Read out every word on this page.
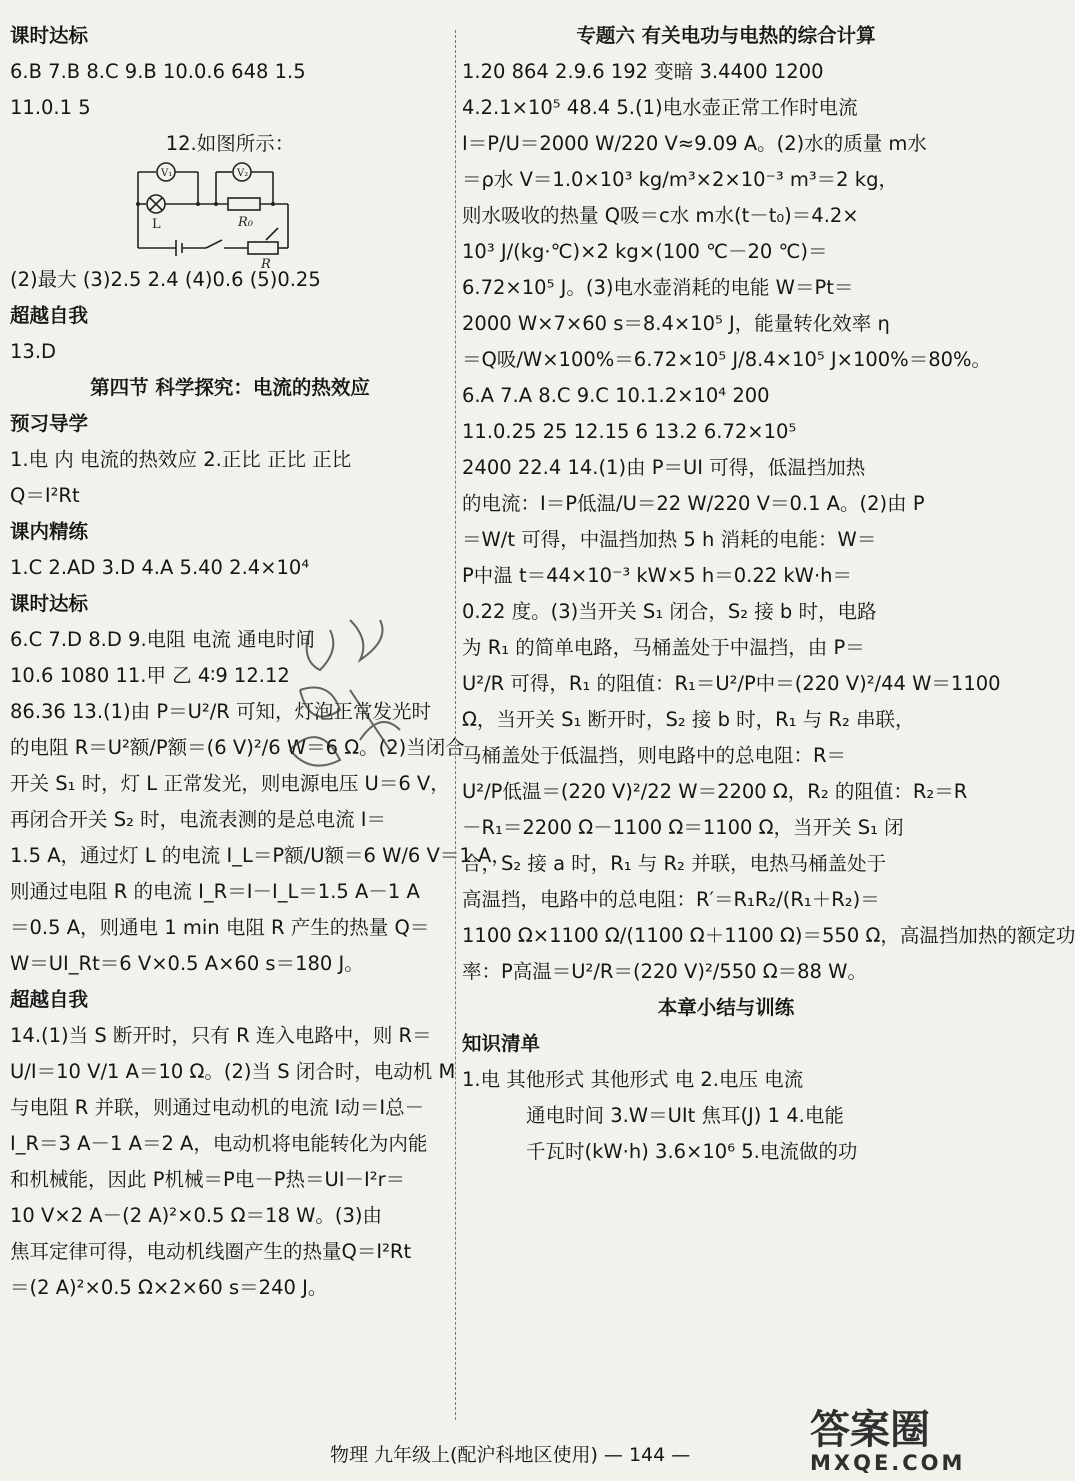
课时达标
6.B 7.B 8.C 9.B 10.0.6 648 1.5
11.0.1 5
12.如图所示：
V₁	V₂
L	R₀
R
(2)最大 (3)2.5 2.4 (4)0.6 (5)0.25
超越自我
13.D
第四节 科学探究：电流的热效应
预习导学
1.电 内 电流的热效应 2.正比 正比 正比
Q＝I²Rt
课内精练
1.C 2.AD 3.D 4.A 5.40 2.4×10⁴
课时达标
6.C 7.D 8.D 9.电阻 电流 通电时间
10.6 1080 11.甲 乙 4∶9 12.12
86.36 13.(1)由 P＝U²/R 可知，灯泡正常发光时
的电阻 R＝U²额/P额＝(6 V)²/6 W＝6 Ω。(2)当闭合
开关 S₁ 时，灯 L 正常发光，则电源电压 U＝6 V，
再闭合开关 S₂ 时，电流表测的是总电流 I＝
1.5 A，通过灯 L 的电流 I_L＝P额/U额＝6 W/6 V＝1 A，
则通过电阻 R 的电流 I_R＝I－I_L＝1.5 A－1 A
＝0.5 A，则通电 1 min 电阻 R 产生的热量 Q＝
W＝UI_Rt＝6 V×0.5 A×60 s＝180 J。
超越自我
14.(1)当 S 断开时，只有 R 连入电路中，则 R＝
U/I＝10 V/1 A＝10 Ω。(2)当 S 闭合时，电动机 M
与电阻 R 并联，则通过电动机的电流 I动＝I总－
I_R＝3 A－1 A＝2 A，电动机将电能转化为内能
和机械能，因此 P机械＝P电－P热＝UI－I²r＝
10 V×2 A－(2 A)²×0.5 Ω＝18 W。(3)由
焦耳定律可得，电动机线圈产生的热量Q＝I²Rt
＝(2 A)²×0.5 Ω×2×60 s＝240 J。
专题六 有关电功与电热的综合计算
1.20 864 2.9.6 192 变暗 3.4400 1200
4.2.1×10⁵ 48.4 5.(1)电水壶正常工作时电流
I＝P/U＝2000 W/220 V≈9.09 A。(2)水的质量 m水
＝ρ水 V＝1.0×10³ kg/m³×2×10⁻³ m³＝2 kg，
则水吸收的热量 Q吸＝c水 m水(t－t₀)＝4.2×
10³ J/(kg·℃)×2 kg×(100 ℃－20 ℃)＝
6.72×10⁵ J。(3)电水壶消耗的电能 W＝Pt＝
2000 W×7×60 s＝8.4×10⁵ J，能量转化效率 η
＝Q吸/W×100%＝6.72×10⁵ J/8.4×10⁵ J×100%＝80%。
6.A 7.A 8.C 9.C 10.1.2×10⁴ 200
11.0.25 25 12.15 6 13.2 6.72×10⁵
2400 22.4 14.(1)由 P＝UI 可得，低温挡加热
的电流：I＝P低温/U＝22 W/220 V＝0.1 A。(2)由 P
＝W/t 可得，中温挡加热 5 h 消耗的电能：W＝
P中温 t＝44×10⁻³ kW×5 h＝0.22 kW·h＝
0.22 度。(3)当开关 S₁ 闭合，S₂ 接 b 时，电路
为 R₁ 的简单电路，马桶盖处于中温挡，由 P＝
U²/R 可得，R₁ 的阻值：R₁＝U²/P中＝(220 V)²/44 W＝1100
Ω，当开关 S₁ 断开时，S₂ 接 b 时，R₁ 与 R₂ 串联，
马桶盖处于低温挡，则电路中的总电阻：R＝
U²/P低温＝(220 V)²/22 W＝2200 Ω，R₂ 的阻值：R₂＝R
－R₁＝2200 Ω－1100 Ω＝1100 Ω，当开关 S₁ 闭
合，S₂ 接 a 时，R₁ 与 R₂ 并联，电热马桶盖处于
高温挡，电路中的总电阻：R′＝R₁R₂/(R₁＋R₂)＝
1100 Ω×1100 Ω/(1100 Ω＋1100 Ω)＝550 Ω，高温挡加热的额定功
率：P高温＝U²/R＝(220 V)²/550 Ω＝88 W。
本章小结与训练
知识清单
1.电 其他形式 其他形式 电 2.电压 电流
通电时间 3.W＝UIt 焦耳(J) 1 4.电能
千瓦时(kW·h) 3.6×10⁶ 5.电流做的功
物理 九年级上(配沪科地区使用) — 144 —
答案圈
MXQE.COM
